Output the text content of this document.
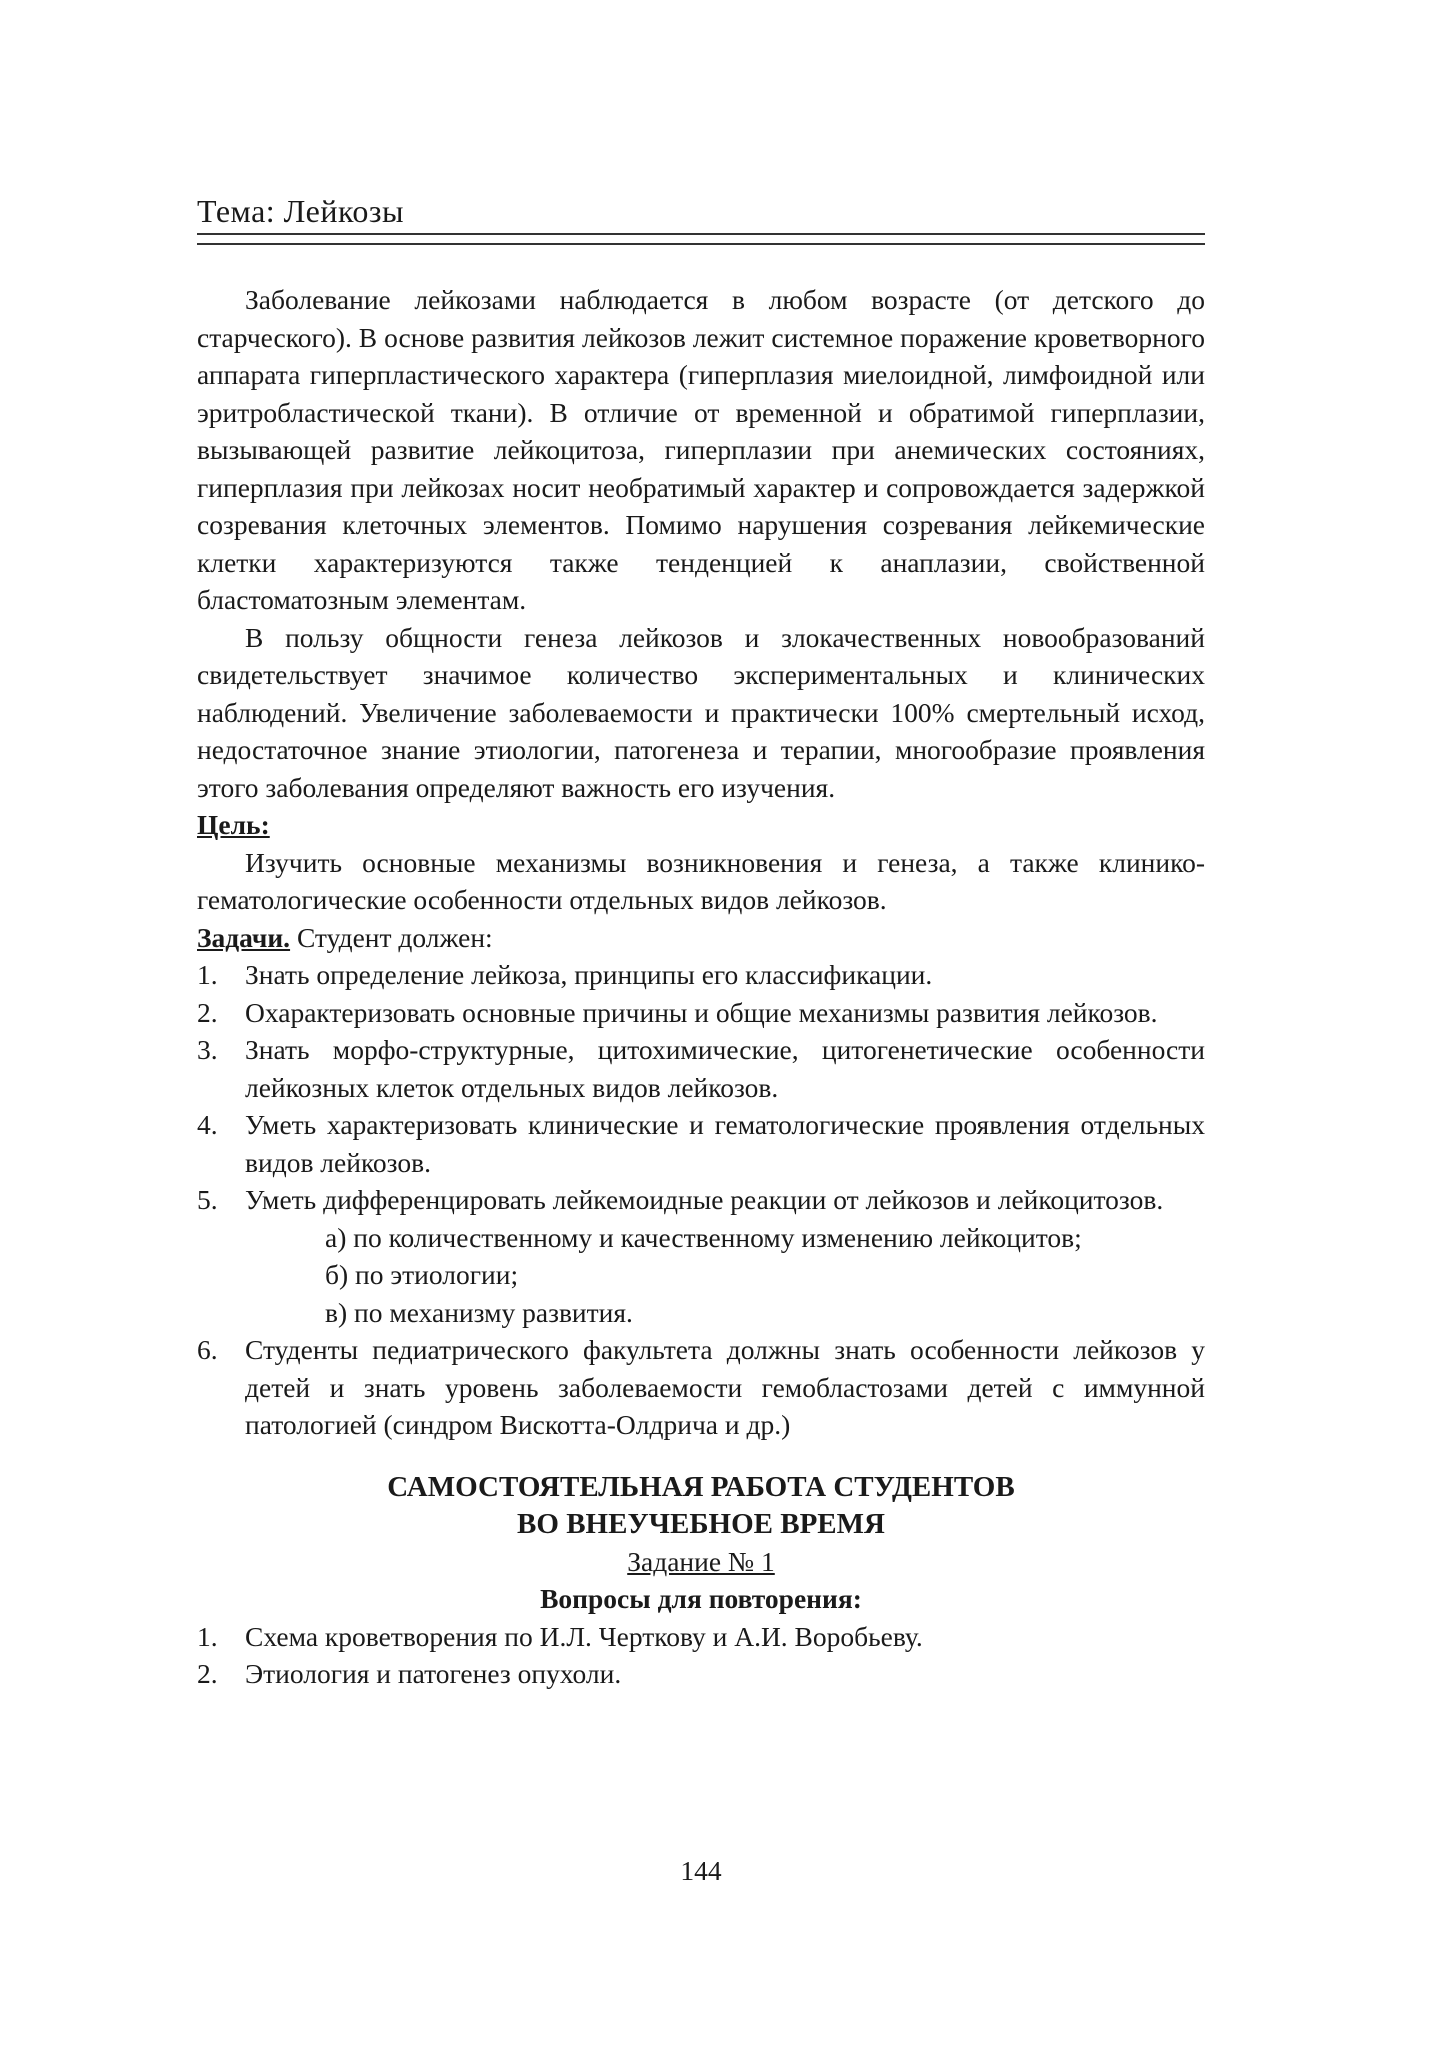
Тема: Лейкозы

Заболевание лейкозами наблюдается в любом возрасте (от детского до старческого). В основе развития лейкозов лежит системное поражение кроветворного аппарата гиперпластического характера (гиперплазия миелоидной, лимфоидной или эритробластической ткани). В отличие от временной и обратимой гиперплазии, вызывающей развитие лейкоцитоза, гиперплазии при анемических состояниях, гиперплазия при лейкозах носит необратимый характер и сопровождается задержкой созревания клеточных элементов. Помимо нарушения созревания лейкемические клетки характеризуются также тенденцией к анаплазии, свойственной бластоматозным элементам.

В пользу общности генеза лейкозов и злокачественных новообразований свидетельствует значимое количество экспериментальных и клинических наблюдений. Увеличение заболеваемости и практически 100% смертельный исход, недостаточное знание этиологии, патогенеза и терапии, многообразие проявления этого заболевания определяют важность его изучения.

Цель:

Изучить основные механизмы возникновения и генеза, а также клинико-гематологические особенности отдельных видов лейкозов.

Задачи. Студент должен:

1. Знать определение лейкоза, принципы его классификации.
2. Охарактеризовать основные причины и общие механизмы развития лейкозов.
3. Знать морфо-структурные, цитохимические, цитогенетические особенности лейкозных клеток отдельных видов лейкозов.
4. Уметь характеризовать клинические и гематологические проявления отдельных видов лейкозов.
5. Уметь дифференцировать лейкемоидные реакции от лейкозов и лейкоцитозов.
а) по количественному и качественному изменению лейкоцитов;
б) по этиологии;
в) по механизму развития.
6. Студенты педиатрического факультета должны знать особенности лейкозов у детей и знать уровень заболеваемости гемобластозами детей с иммунной патологией (синдром Вискотта-Олдрича и др.)
САМОСТОЯТЕЛЬНАЯ РАБОТА СТУДЕНТОВ
ВО ВНЕУЧЕБНОЕ ВРЕМЯ
Задание № 1
Вопросы для повторения:
1. Схема кроветворения по И.Л. Черткову и А.И. Воробьеву.
2. Этиология и патогенез опухоли.
144
